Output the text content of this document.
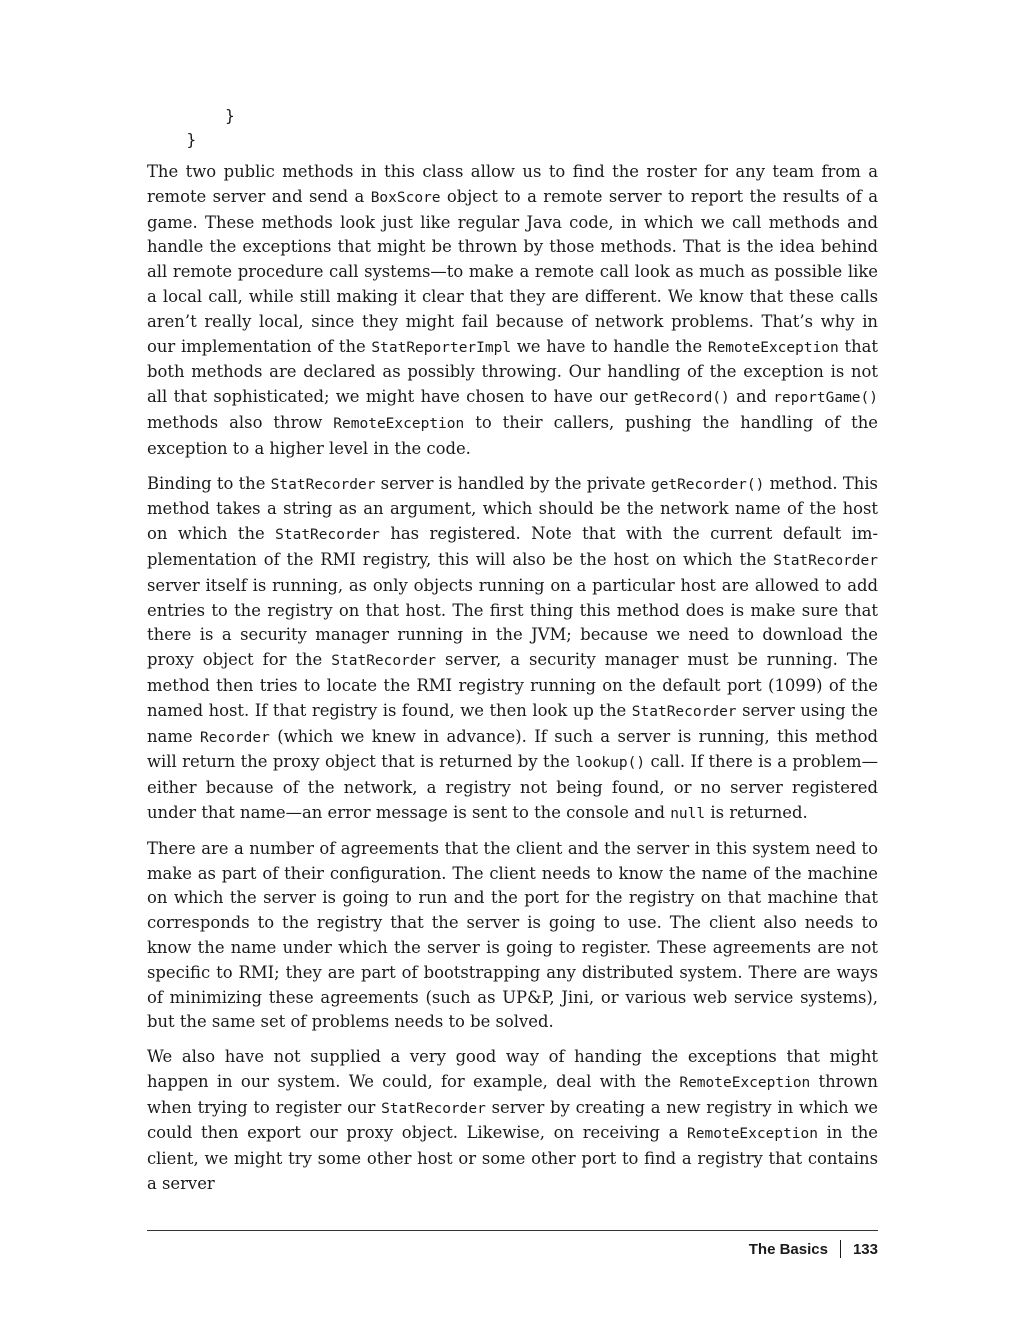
}
}

The two public methods in this class allow us to find the roster for any team from a remote server and send a BoxScore object to a remote server to report the results of a game. These methods look just like regular Java code, in which we call methods and handle the exceptions that might be thrown by those methods. That is the idea behind all remote procedure call systems—to make a remote call look as much as possible like a local call, while still making it clear that they are different. We know that these calls aren’t really local, since they might fail because of network problems. That’s why in our implementation of the StatReporterImpl we have to handle the RemoteException that both methods are declared as possibly throwing. Our handling of the exception is not all that sophisticated; we might have chosen to have our getRecord() and reportGame() methods also throw RemoteException to their callers, pushing the handling of the exception to a higher level in the code.

Binding to the StatRecorder server is handled by the private getRecorder() method. This method takes a string as an argument, which should be the network name of the host on which the StatRecorder has registered. Note that with the current default implementation of the RMI registry, this will also be the host on which the StatRecorder server itself is running, as only objects running on a particular host are allowed to add entries to the registry on that host. The first thing this method does is make sure that there is a security manager running in the JVM; because we need to download the proxy object for the StatRecorder server, a security manager must be running. The method then tries to locate the RMI registry running on the default port (1099) of the named host. If that registry is found, we then look up the StatRecorder server using the name Recorder (which we knew in advance). If such a server is running, this method will return the proxy object that is returned by the lookup() call. If there is a problem—either because of the network, a registry not being found, or no server registered under that name—an error message is sent to the console and null is returned.

There are a number of agreements that the client and the server in this system need to make as part of their configuration. The client needs to know the name of the machine on which the server is going to run and the port for the registry on that machine that corresponds to the registry that the server is going to use. The client also needs to know the name under which the server is going to register. These agreements are not specific to RMI; they are part of bootstrapping any distributed system. There are ways of minimizing these agreements (such as UP&P, Jini, or various web service systems), but the same set of problems needs to be solved.

We also have not supplied a very good way of handing the exceptions that might happen in our system. We could, for example, deal with the RemoteException thrown when trying to register our StatRecorder server by creating a new registry in which we could then export our proxy object. Likewise, on receiving a RemoteException in the client, we might try some other host or some other port to find a registry that contains a server

The Basics 133
